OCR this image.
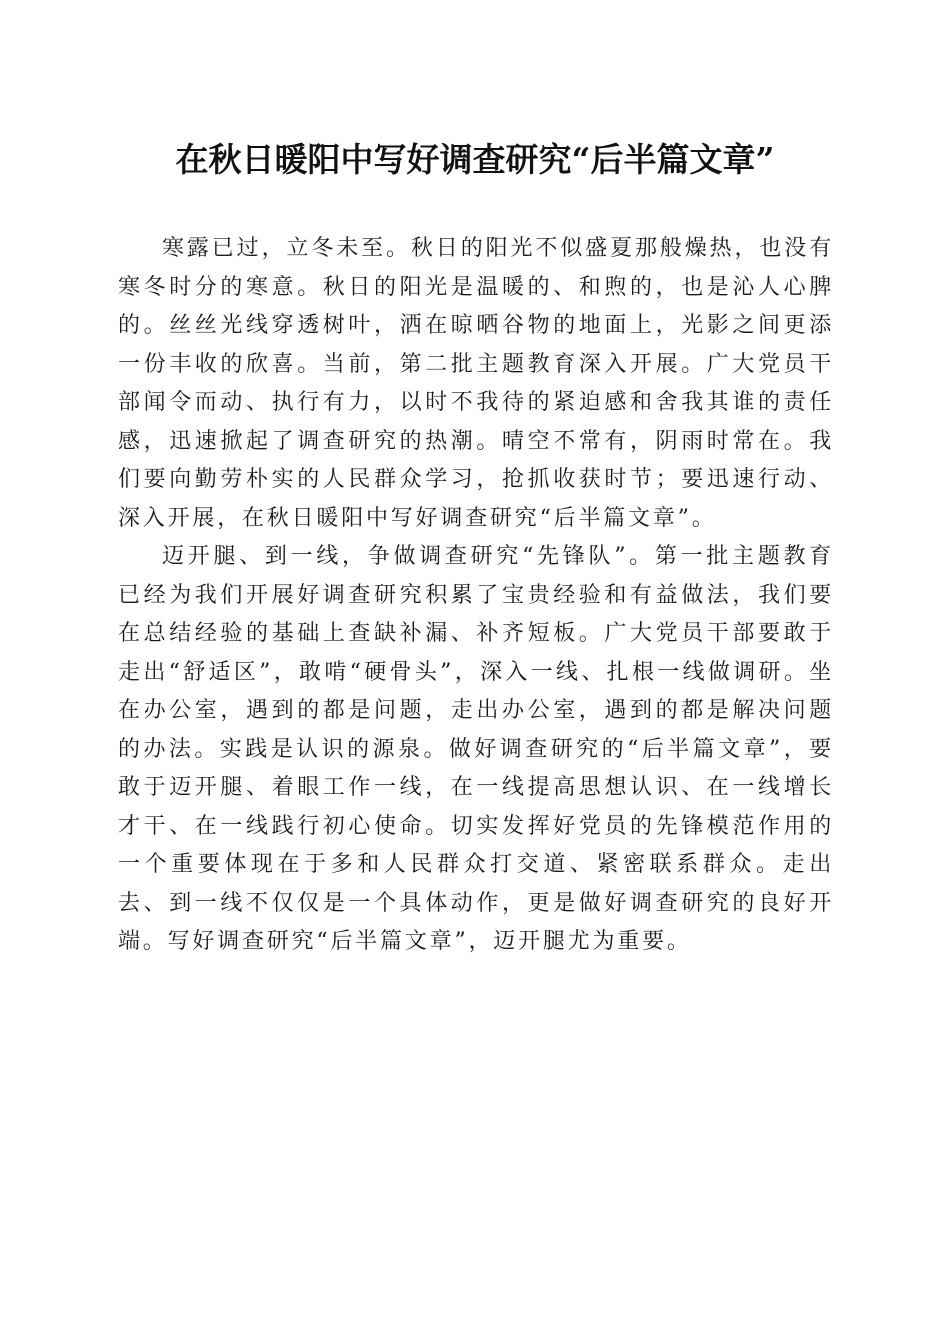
在秋日暖阳中写好调查研究“后半篇文章”

寒露已过，立冬未至。秋日的阳光不似盛夏那般燥热，也没有寒冬时分的寒意。秋日的阳光是温暖的、和煦的，也是沁人心脾的。丝丝光线穿透树叶，洒在晾晒谷物的地面上，光影之间更添一份丰收的欣喜。当前，第二批主题教育深入开展。广大党员干部闻令而动、执行有力，以时不我待的紧迫感和舍我其谁的责任感，迅速掀起了调查研究的热潮。晴空不常有，阴雨时常在。我们要向勤劳朴实的人民群众学习，抢抓收获时节；要迅速行动、深入开展，在秋日暖阳中写好调查研究“后半篇文章”。

迈开腿、到一线，争做调查研究“先锋队”。第一批主题教育已经为我们开展好调查研究积累了宝贵经验和有益做法，我们要在总结经验的基础上查缺补漏、补齐短板。广大党员干部要敢于走出“舒适区”，敢啃“硬骨头”，深入一线、扎根一线做调研。坐在办公室，遇到的都是问题，走出办公室，遇到的都是解决问题的办法。实践是认识的源泉。做好调查研究的“后半篇文章”，要敢于迈开腿、着眼工作一线，在一线提高思想认识、在一线增长才干、在一线践行初心使命。切实发挥好党员的先锋模范作用的一个重要体现在于多和人民群众打交道、紧密联系群众。走出去、到一线不仅仅是一个具体动作，更是做好调查研究的良好开端。写好调查研究“后半篇文章”，迈开腿尤为重要。
